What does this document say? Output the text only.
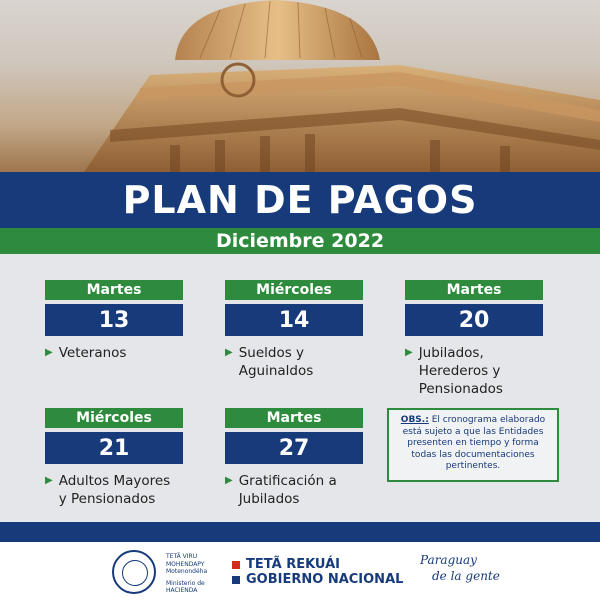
PLAN DE PAGOS
Diciembre 2022
Martes
13
▶ Veteranos
Miércoles
14
▶ Sueldos y
Aguinaldos
Martes
20
▶ Jubilados,
Herederos y
Pensionados
Miércoles
21
▶ Adultos Mayores
y Pensionados
Martes
27
▶ Gratificación a
Jubilados
OBS.: El cronograma elaborado está sujeto a que las Entidades presenten en tiempo y forma todas las documentaciones pertinentes.
TETÃ VIRU MOHENDAPY Motenondéha
Ministerio de HACIENDA
TETÃ REKUÁI
GOBIERNO NACIONAL
Paraguay
de la gente
